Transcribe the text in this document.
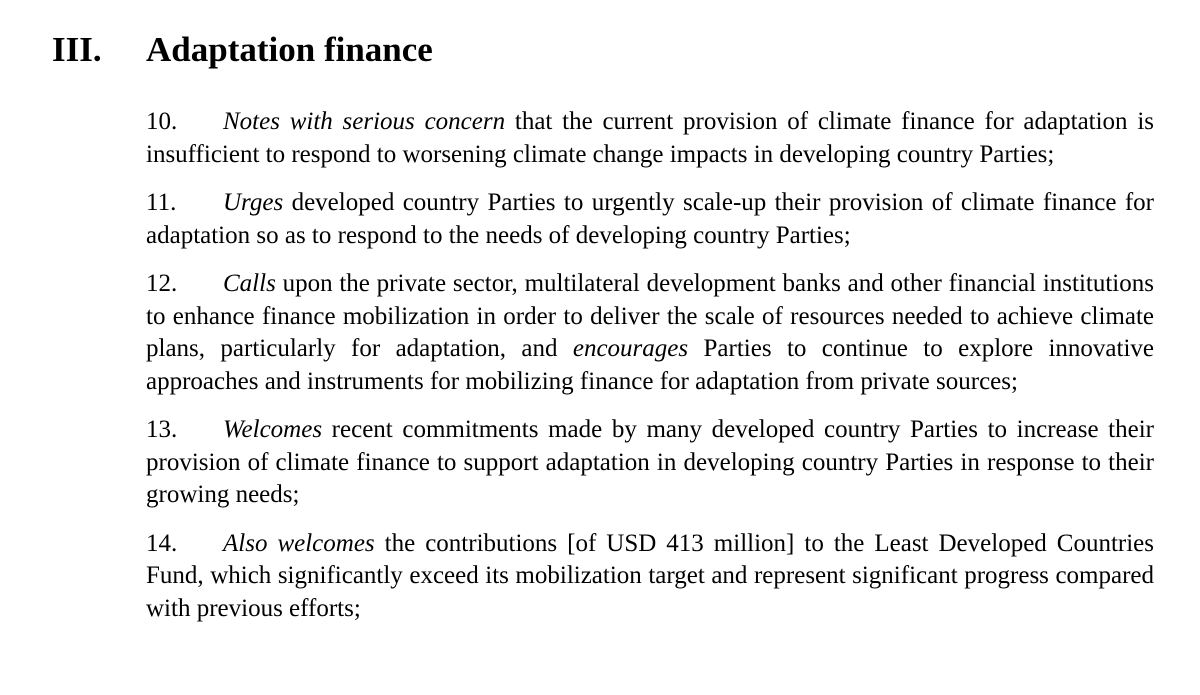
III. Adaptation finance

10. Notes with serious concern that the current provision of climate finance for adaptation is insufficient to respond to worsening climate change impacts in developing country Parties;

11. Urges developed country Parties to urgently scale-up their provision of climate finance for adaptation so as to respond to the needs of developing country Parties;

12. Calls upon the private sector, multilateral development banks and other financial institutions to enhance finance mobilization in order to deliver the scale of resources needed to achieve climate plans, particularly for adaptation, and encourages Parties to continue to explore innovative approaches and instruments for mobilizing finance for adaptation from private sources;

13. Welcomes recent commitments made by many developed country Parties to increase their provision of climate finance to support adaptation in developing country Parties in response to their growing needs;

14. Also welcomes the contributions [of USD 413 million] to the Least Developed Countries Fund, which significantly exceed its mobilization target and represent significant progress compared with previous efforts;
